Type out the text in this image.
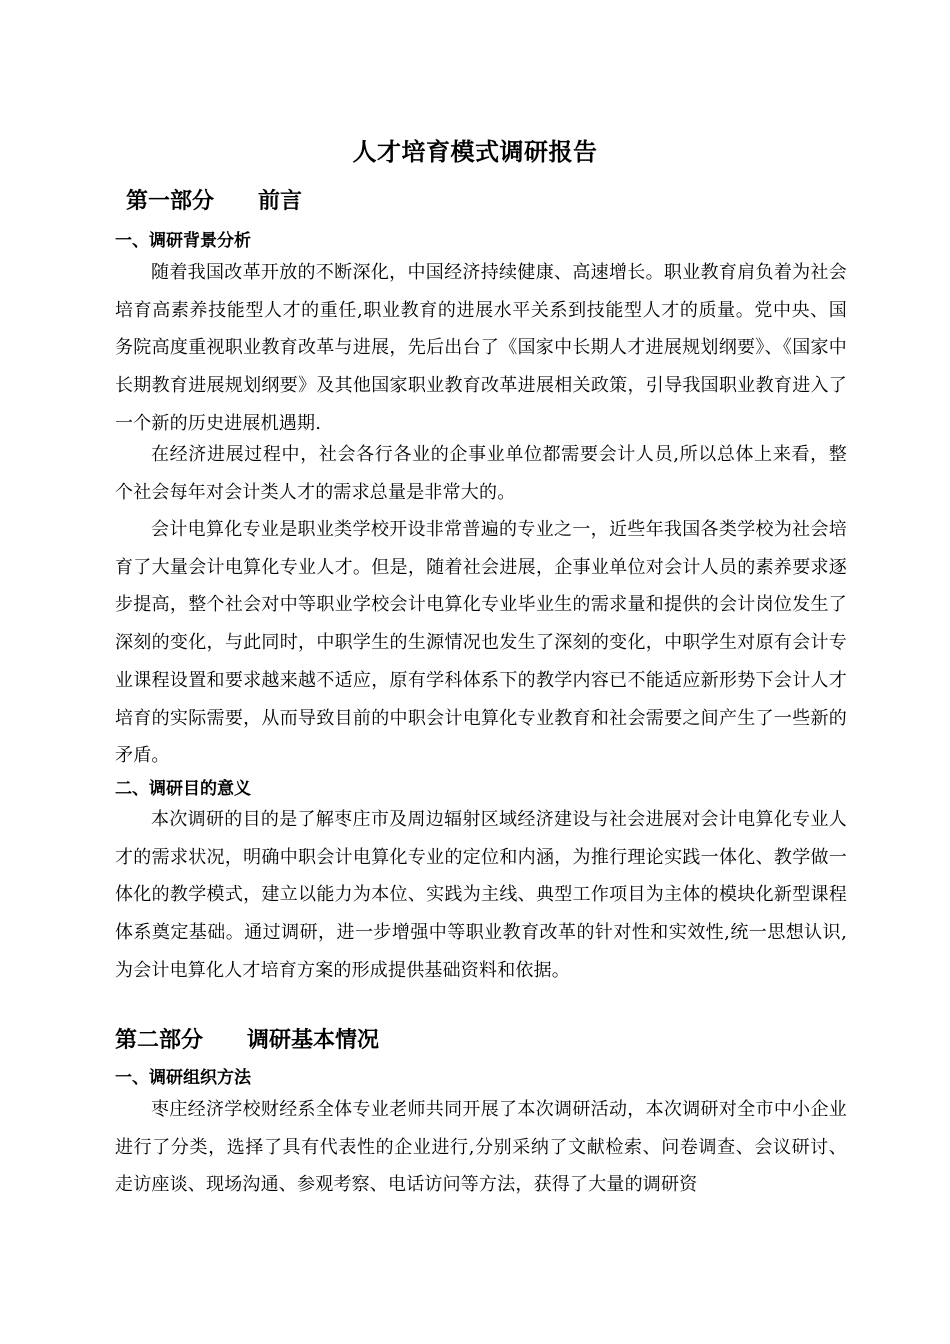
人才培育模式调研报告
第一部分　　前言
一、调研背景分析

随着我国改革开放的不断深化，中国经济持续健康、高速增长。职业教育肩负着为社会培育高素养技能型人才的重任,职业教育的进展水平关系到技能型人才的质量。党中央、国务院高度重视职业教育改革与进展，先后出台了《国家中长期人才进展规划纲要》、《国家中长期教育进展规划纲要》及其他国家职业教育改革进展相关政策，引导我国职业教育进入了一个新的历史进展机遇期.

在经济进展过程中，社会各行各业的企事业单位都需要会计人员,所以总体上来看，整个社会每年对会计类人才的需求总量是非常大的。

会计电算化专业是职业类学校开设非常普遍的专业之一，近些年我国各类学校为社会培育了大量会计电算化专业人才。但是，随着社会进展，企事业单位对会计人员的素养要求逐步提高，整个社会对中等职业学校会计电算化专业毕业生的需求量和提供的会计岗位发生了深刻的变化，与此同时，中职学生的生源情况也发生了深刻的变化，中职学生对原有会计专业课程设置和要求越来越不适应，原有学科体系下的教学内容已不能适应新形势下会计人才培育的实际需要，从而导致目前的中职会计电算化专业教育和社会需要之间产生了一些新的矛盾。

二、调研目的意义

本次调研的目的是了解枣庄市及周边辐射区域经济建设与社会进展对会计电算化专业人才的需求状况，明确中职会计电算化专业的定位和内涵，为推行理论实践一体化、教学做一体化的教学模式，建立以能力为本位、实践为主线、典型工作项目为主体的模块化新型课程体系奠定基础。通过调研，进一步增强中等职业教育改革的针对性和实效性,统一思想认识,为会计电算化人才培育方案的形成提供基础资料和依据。

第二部分　　调研基本情况
一、调研组织方法

枣庄经济学校财经系全体专业老师共同开展了本次调研活动，本次调研对全市中小企业进行了分类，选择了具有代表性的企业进行,分别采纳了文献检索、问卷调查、会议研讨、走访座谈、现场沟通、参观考察、电话访问等方法，获得了大量的调研资
